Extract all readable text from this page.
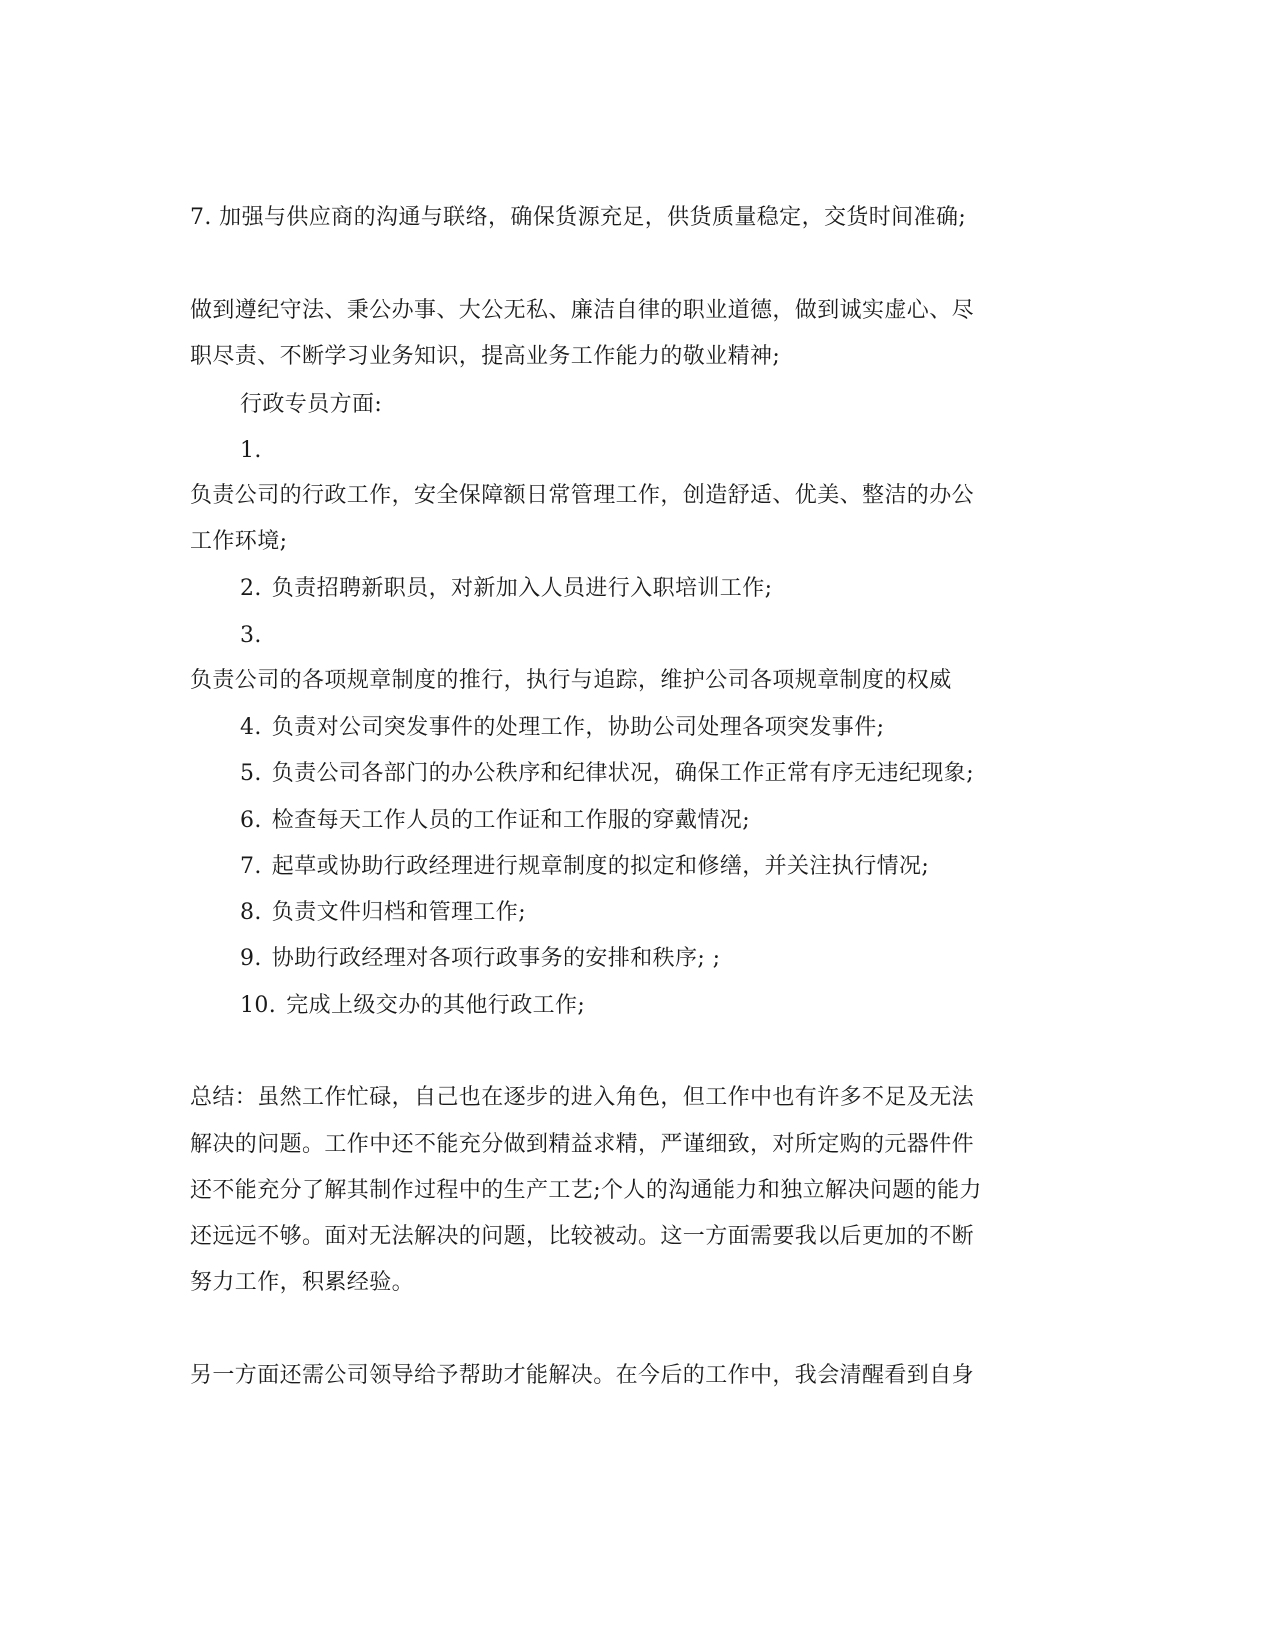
7. 加强与供应商的沟通与联络，确保货源充足，供货质量稳定，交货时间准确;
做到遵纪守法、秉公办事、大公无私、廉洁自律的职业道德，做到诚实虚心、尽
职尽责、不断学习业务知识，提高业务工作能力的敬业精神;
行政专员方面:
1.
负责公司的行政工作，安全保障额日常管理工作，创造舒适、优美、整洁的办公
工作环境;
2. 负责招聘新职员，对新加入人员进行入职培训工作;
3.
负责公司的各项规章制度的推行，执行与追踪，维护公司各项规章制度的权威
4. 负责对公司突发事件的处理工作，协助公司处理各项突发事件;
5. 负责公司各部门的办公秩序和纪律状况，确保工作正常有序无违纪现象;
6. 检查每天工作人员的工作证和工作服的穿戴情况;
7. 起草或协助行政经理进行规章制度的拟定和修缮，并关注执行情况;
8. 负责文件归档和管理工作;
9. 协助行政经理对各项行政事务的安排和秩序; ;
10. 完成上级交办的其他行政工作;
总结：虽然工作忙碌，自己也在逐步的进入角色，但工作中也有许多不足及无法
解决的问题。工作中还不能充分做到精益求精，严谨细致，对所定购的元器件件
还不能充分了解其制作过程中的生产工艺;个人的沟通能力和独立解决问题的能力
还远远不够。面对无法解决的问题，比较被动。这一方面需要我以后更加的不断
努力工作，积累经验。
另一方面还需公司领导给予帮助才能解决。在今后的工作中，我会清醒看到自身
